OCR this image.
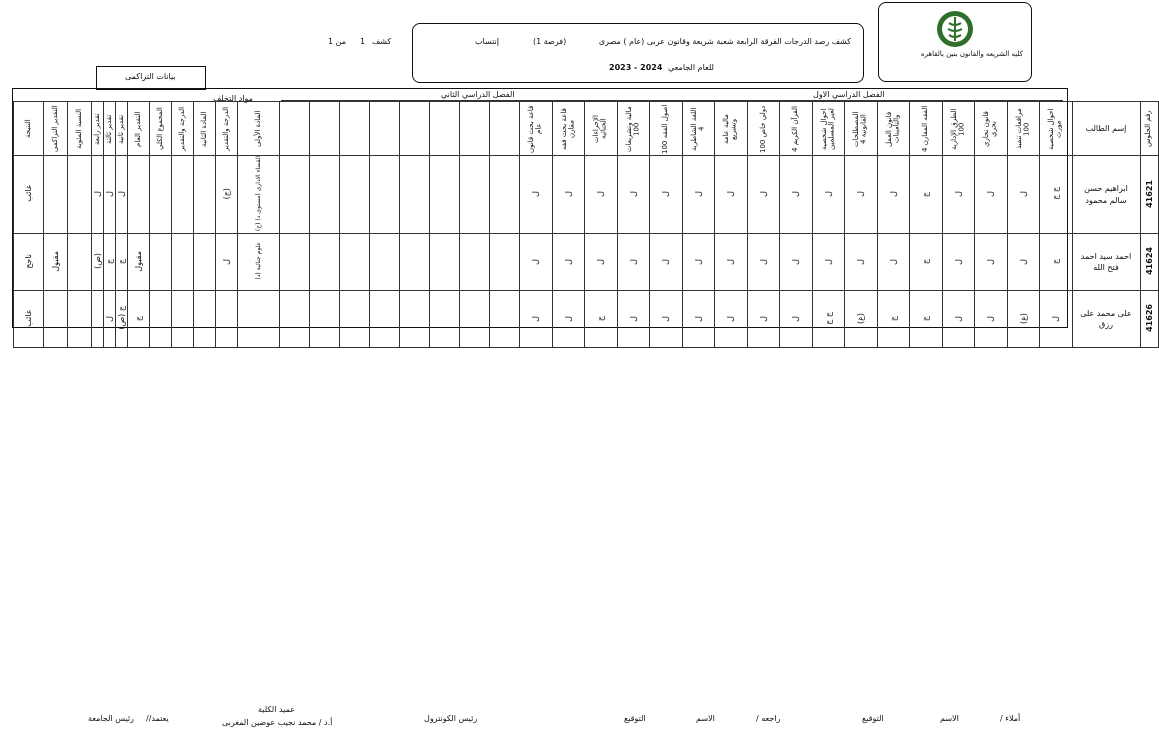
كليه الشريعه والقانون بنين بالقاهره
كشف رصد الدرجات الفرقة الرابعة شعبة شريعة وقانون عربى (عام ) مصرى
(فرصة 1)
إنتساب
للعام الجامعي
2023 - 2024
كشف
1
من 1
بيانات التراكمى
الفصل الدراسي الاول
الفصل الدراسي الثاني
مواد التخلف
النتيجة	التقدير التراكمى	النسبة المئوية	تقدير رابعة	تقدير ثالثة	تقدير ثانية	التقدير العام	المجموع الكلي	الدرجة والتقدير	المادة الثانية	الدرجة والتقدير	المادة الأولى									قاعة بحث قانون عام	قاعة بحث فقه مقارن	الإجراءات الجنائية	مالية وتشريعات 100	اصول الفقه 100	اللغة الشاطرية 4	مالية عامة وتشريع	دولي خاص 100	القرآن الكريم 4	احوال شخصية لغير المسلمين	المصطلحات القانونية 4	قانون العمل والتأمينات	الفقه المقارن 4	الطرق الإدارية 100	قانون تجاري بحري	مرافعات تنفيذ 100	احوال شخصية مورث	إسم الطالب	رقم الجلوس

غائب			ل	ل	ل					(ج)	القضاء الادارى (مستوى د) (ح)									ل	ل	ل	ل	ل	ل	ل	ل	ل	ل	ل	ل	ج	ل	ل	ل	ج ج	ابراهيم حسن سالم محمود	41621
ناجح	مقبول		(ص)	ج	ج	مقبول				ل	علوم جنائية (د)									ل	ل	ل	ل	ل	ل	ل	ل	ل	ل	ل	ل	ج	ل	ل	ل	ج	احمد سيد احمد فتح الله	41624
غائب				ل	(ص) ج	ج														ل	ل	ج	ل	ل	ل	ل	ل	ل	ج ج	(غ)	ج	ج	ل	ل	(غ)	ل	على محمد على رزق	41626
أملاء /
الاسم
التوقيع
راجعه /
الاسم
التوقيع
رئيس الكونترول
عميد الكلية
أ.د / محمد نجيب عوضين المغربى
يعتمد//
رئيس الجامعة
